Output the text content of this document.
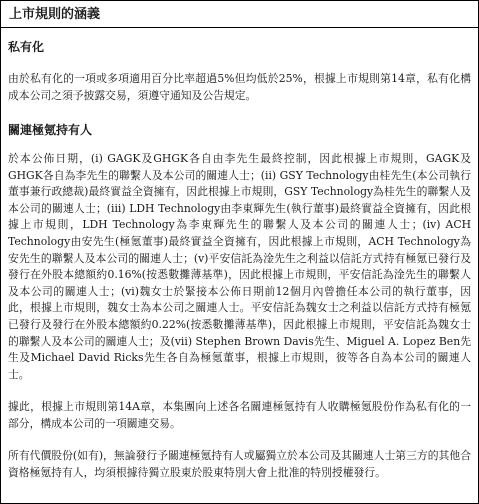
上市規則的涵義
私有化

由於私有化的一項或多項適用百分比率超過5%但均低於25%，根據上市規則第14章，私有化構成本公司之須予披露交易，須遵守通知及公告規定。

關連極氪持有人

於本公佈日期，(i) GAGK及GHGK各自由李先生最終控制，因此根據上市規則，GAGK及GHGK各自為李先生的聯繫人及本公司的關連人士；(ii) GSY Technology由桂先生(本公司執行董事兼行政總裁)最終實益全資擁有，因此根據上市規則，GSY Technology為桂先生的聯繫人及本公司的關連人士；(iii) LDH Technology由李東輝先生(執行董事)最終實益全資擁有，因此根據上市規則，LDH Technology為李東輝先生的聯繫人及本公司的關連人士；(iv) ACH Technology由安先生(極氪董事)最終實益全資擁有，因此根據上市規則，ACH Technology為安先生的聯繫人及本公司的關連人士；(v)平安信託為淦先生之利益以信託方式持有極氪已發行及發行在外股本總額約0.16%(按悉數攤薄基準)，因此根據上市規則，平安信託為淦先生的聯繫人及本公司的關連人士；(vi)魏女士於緊接本公佈日期前12個月內曾擔任本公司的執行董事，因此，根據上市規則，魏女士為本公司之關連人士。平安信託為魏女士之利益以信託方式持有極氪已發行及發行在外股本總額約0.22%(按悉數攤薄基準)，因此根據上市規則，平安信託為魏女士的聯繫人及本公司的關連人士；及(vii) Stephen Brown Davis先生、Miguel A. Lopez Ben先生及Michael David Ricks先生各自為極氪董事，根據上市規則，彼等各自為本公司的關連人士。

據此，根據上市規則第14A章，本集團向上述各名關連極氪持有人收購極氪股份作為私有化的一部分，構成本公司的一項關連交易。

所有代價股份(如有)，無論發行予關連極氪持有人或屬獨立於本公司及其關連人士第三方的其他合資格極氪持有人，均須根據待獨立股東於股東特別大會上批准的特別授權發行。
